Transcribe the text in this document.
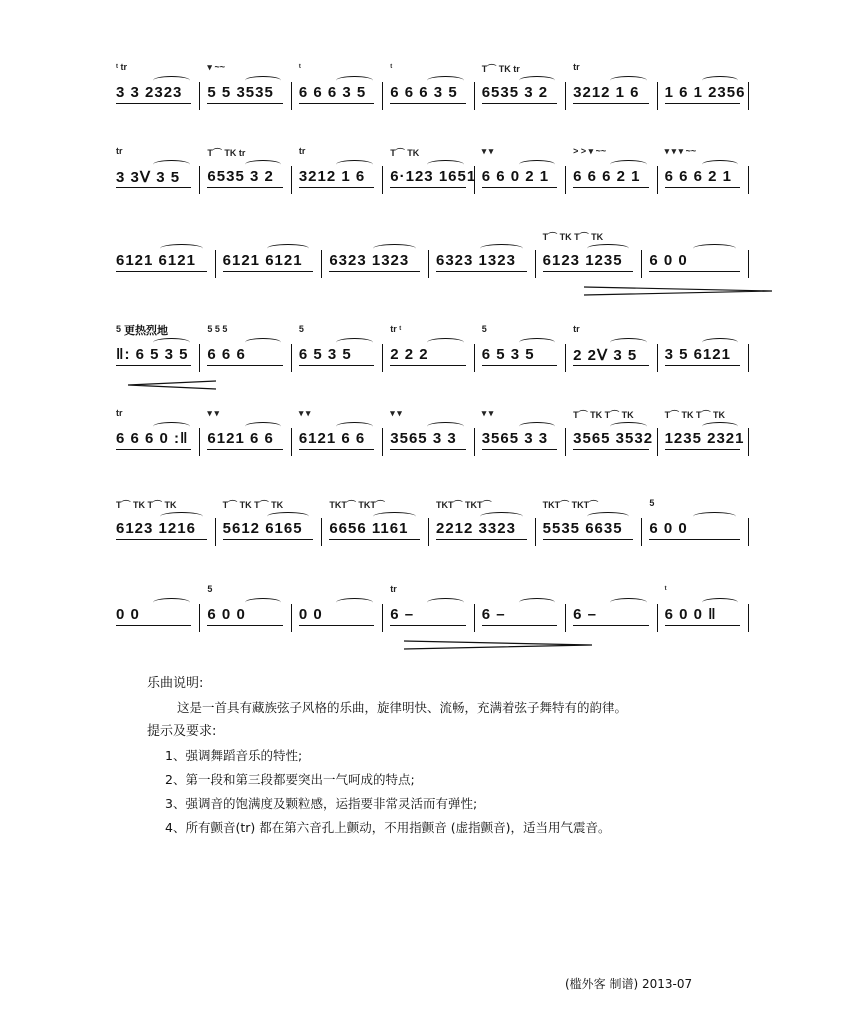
ᵗ tr
3 3 2323
▾ ~~
5 5 3535
ᵗ
6 6 6 3 5
ᵗ
6 6 6 3 5
T⌒ TK tr
6535 3 2
tr
3212 1 6 1 6 1 2356
tr
3 3ᐯ 3 5
T⌒ TK tr
6535 3 2
tr
3212 1 6
T⌒ TK
6·123 1651
▾ ▾
6 6 0 2 1
> > ▾ ~~
6 6 6 2 1
▾ ▾ ▾ ~~
6 6 6 2 1
6121 6121 6121 6121 6323 1323 6323 1323
T⌒ TK T⌒ TK
6123 1235 6 0 0
5
‖: 6 5 3 5
5 5 5
6 6 6
5
6 5 3 5
tr ᵗ
2 2 2
5
6 5 3 5
tr
2 2ᐯ 3 5 3 5 6121
tr
6 6 6 0 :‖
▾ ▾
6121 6 6
▾ ▾
6121 6 6
▾ ▾
3565 3 3
▾ ▾
3565 3 3
T⌒ TK T⌒ TK
3565 3532
T⌒ TK T⌒ TK
1235 2321
T⌒ TK T⌒ TK
6123 1216
T⌒ TK T⌒ TK
5612 6165
TKT⌒ TKT⌒
6656 1161
TKT⌒ TKT⌒
2212 3323
TKT⌒ TKT⌒
5535 6635
5
6 0 0
0 0
5
6 0 0	0 0
tr
6 –	6 –	6 –
ᵗ
6 0 0 ‖
更热烈地
乐曲说明:
这是一首具有藏族弦子风格的乐曲，旋律明快、流畅，充满着弦子舞特有的韵律。
提示及要求:
1、强调舞蹈音乐的特性;
2、第一段和第三段都要突出一气呵成的特点;
3、强调音的饱满度及颗粒感，运指要非常灵活而有弹性;
4、所有颤音(tr) 都在第六音孔上颤动，不用指颤音 (虚指颤音)，适当用气震音。
(槛外客 制谱) 2013-07
